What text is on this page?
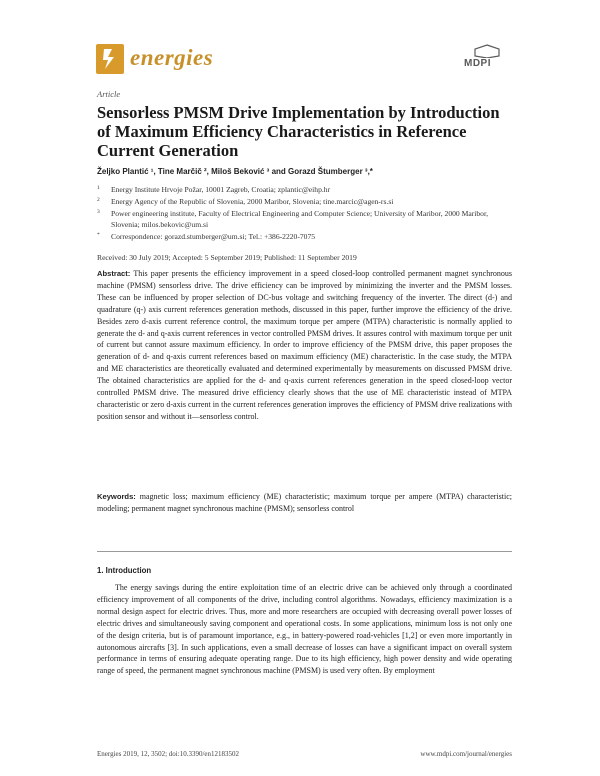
energies	MDPI
Article
Sensorless PMSM Drive Implementation by Introduction of Maximum Efficiency Characteristics in Reference Current Generation
Željko Plantić ¹, Tine Marčič ², Miloš Beković ³ and Gorazd Štumberger ³,*
1	Energy Institute Hrvoje Požar, 10001 Zagreb, Croatia; zplantic@eihp.hr
2	Energy Agency of the Republic of Slovenia, 2000 Maribor, Slovenia; tine.marcic@agen-rs.si
3	Power engineering institute, Faculty of Electrical Engineering and Computer Science; University of Maribor, 2000 Maribor, Slovenia; milos.bekovic@um.si
*	Correspondence: gorazd.stumberger@um.si; Tel.: +386-2220-7075
Received: 30 July 2019; Accepted: 5 September 2019; Published: 11 September 2019
Abstract: This paper presents the efficiency improvement in a speed closed-loop controlled permanent magnet synchronous machine (PMSM) sensorless drive. The drive efficiency can be improved by minimizing the inverter and the PMSM losses. These can be influenced by proper selection of DC-bus voltage and switching frequency of the inverter. The direct (d-) and quadrature (q-) axis current references generation methods, discussed in this paper, further improve the efficiency of the drive. Besides zero d-axis current reference control, the maximum torque per ampere (MTPA) characteristic is normally applied to generate the d- and q-axis current references in vector controlled PMSM drives. It assures control with maximum torque per unit of current but cannot assure maximum efficiency. In order to improve efficiency of the PMSM drive, this paper proposes the generation of d- and q-axis current references based on maximum efficiency (ME) characteristic. In the case study, the MTPA and ME characteristics are theoretically evaluated and determined experimentally by measurements on discussed PMSM drive. The obtained characteristics are applied for the d- and q-axis current references generation in the speed closed-loop vector controlled PMSM drive. The measured drive efficiency clearly shows that the use of ME characteristic instead of MTPA characteristic or zero d-axis current in the current references generation improves the efficiency of PMSM drive realizations with position sensor and without it—sensorless control.
Keywords: magnetic loss; maximum efficiency (ME) characteristic; maximum torque per ampere (MTPA) characteristic; modeling; permanent magnet synchronous machine (PMSM); sensorless control
1. Introduction
The energy savings during the entire exploitation time of an electric drive can be achieved only through a coordinated efficiency improvement of all components of the drive, including control algorithms. Nowadays, efficiency maximization is a normal design aspect for electric drives. Thus, more and more researchers are occupied with decreasing overall power losses of electric drives and simultaneously saving component and operational costs. In some applications, minimum loss is not only one of the design criteria, but is of paramount importance, e.g., in battery-powered road-vehicles [1,2] or even more importantly in autonomous aircrafts [3]. In such applications, even a small decrease of losses can have a significant impact on overall system performance in terms of ensuring adequate operating range. Due to its high efficiency, high power density and wide operating range of speed, the permanent magnet synchronous machine (PMSM) is used very often. By employment
Energies 2019, 12, 3502; doi:10.3390/en12183502	www.mdpi.com/journal/energies
